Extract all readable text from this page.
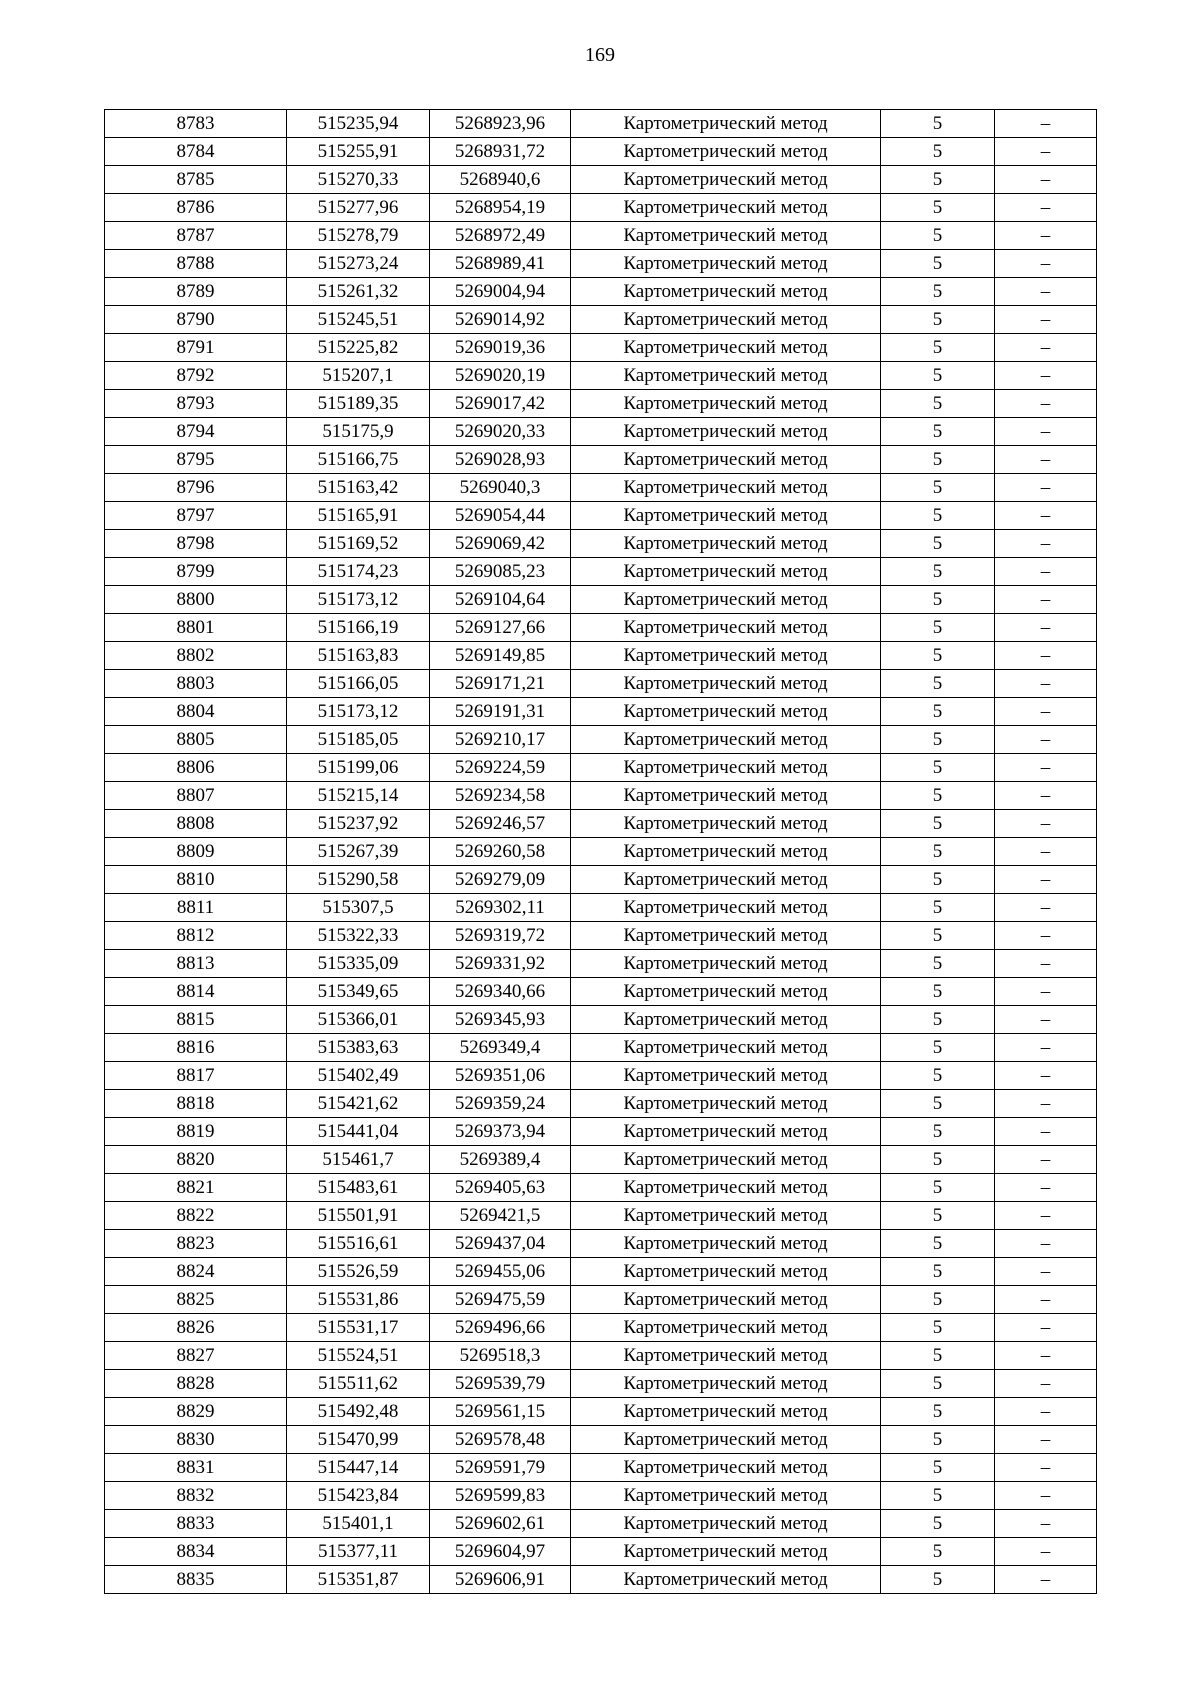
169
8783	515235,94	5268923,96	Картометрический метод	5	–
8784	515255,91	5268931,72	Картометрический метод	5	–
8785	515270,33	5268940,6	Картометрический метод	5	–
8786	515277,96	5268954,19	Картометрический метод	5	–
8787	515278,79	5268972,49	Картометрический метод	5	–
8788	515273,24	5268989,41	Картометрический метод	5	–
8789	515261,32	5269004,94	Картометрический метод	5	–
8790	515245,51	5269014,92	Картометрический метод	5	–
8791	515225,82	5269019,36	Картометрический метод	5	–
8792	515207,1	5269020,19	Картометрический метод	5	–
8793	515189,35	5269017,42	Картометрический метод	5	–
8794	515175,9	5269020,33	Картометрический метод	5	–
8795	515166,75	5269028,93	Картометрический метод	5	–
8796	515163,42	5269040,3	Картометрический метод	5	–
8797	515165,91	5269054,44	Картометрический метод	5	–
8798	515169,52	5269069,42	Картометрический метод	5	–
8799	515174,23	5269085,23	Картометрический метод	5	–
8800	515173,12	5269104,64	Картометрический метод	5	–
8801	515166,19	5269127,66	Картометрический метод	5	–
8802	515163,83	5269149,85	Картометрический метод	5	–
8803	515166,05	5269171,21	Картометрический метод	5	–
8804	515173,12	5269191,31	Картометрический метод	5	–
8805	515185,05	5269210,17	Картометрический метод	5	–
8806	515199,06	5269224,59	Картометрический метод	5	–
8807	515215,14	5269234,58	Картометрический метод	5	–
8808	515237,92	5269246,57	Картометрический метод	5	–
8809	515267,39	5269260,58	Картометрический метод	5	–
8810	515290,58	5269279,09	Картометрический метод	5	–
8811	515307,5	5269302,11	Картометрический метод	5	–
8812	515322,33	5269319,72	Картометрический метод	5	–
8813	515335,09	5269331,92	Картометрический метод	5	–
8814	515349,65	5269340,66	Картометрический метод	5	–
8815	515366,01	5269345,93	Картометрический метод	5	–
8816	515383,63	5269349,4	Картометрический метод	5	–
8817	515402,49	5269351,06	Картометрический метод	5	–
8818	515421,62	5269359,24	Картометрический метод	5	–
8819	515441,04	5269373,94	Картометрический метод	5	–
8820	515461,7	5269389,4	Картометрический метод	5	–
8821	515483,61	5269405,63	Картометрический метод	5	–
8822	515501,91	5269421,5	Картометрический метод	5	–
8823	515516,61	5269437,04	Картометрический метод	5	–
8824	515526,59	5269455,06	Картометрический метод	5	–
8825	515531,86	5269475,59	Картометрический метод	5	–
8826	515531,17	5269496,66	Картометрический метод	5	–
8827	515524,51	5269518,3	Картометрический метод	5	–
8828	515511,62	5269539,79	Картометрический метод	5	–
8829	515492,48	5269561,15	Картометрический метод	5	–
8830	515470,99	5269578,48	Картометрический метод	5	–
8831	515447,14	5269591,79	Картометрический метод	5	–
8832	515423,84	5269599,83	Картометрический метод	5	–
8833	515401,1	5269602,61	Картометрический метод	5	–
8834	515377,11	5269604,97	Картометрический метод	5	–
8835	515351,87	5269606,91	Картометрический метод	5	–
